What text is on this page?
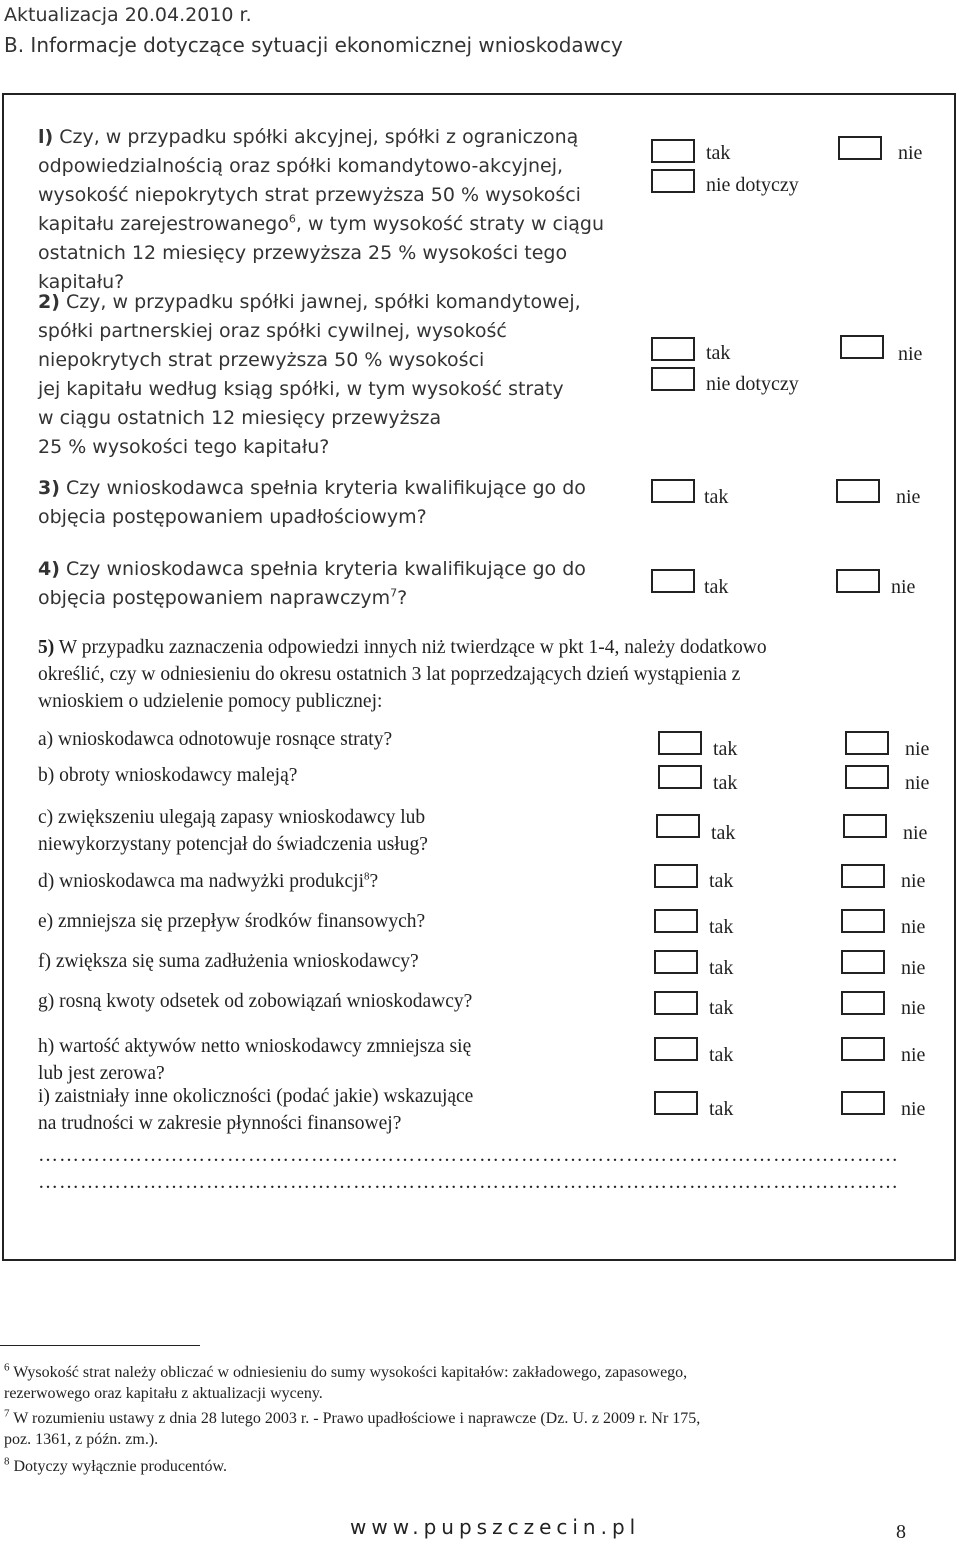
Aktualizacja 20.04.2010 r.
B. Informacje dotyczące sytuacji ekonomicznej wnioskodawcy
l) Czy, w przypadku spółki akcyjnej, spółki z ograniczoną
odpowiedzialnością oraz spółki komandytowo-akcyjnej,
wysokość niepokrytych strat przewyższa 50 % wysokości
kapitału zarejestrowanego$^6$, w tym wysokość straty w ciągu
ostatnich 12 miesięcy przewyższa 25 % wysokości tego kapitału?
tak	nie
nie dotyczy
2) Czy, w przypadku spółki jawnej, spółki komandytowej,
spółki partnerskiej oraz spółki cywilnej, wysokość
niepokrytych strat przewyższa 50 % wysokości
jej kapitału według ksiąg spółki, w tym wysokość straty
w ciągu ostatnich 12 miesięcy przewyższa
25 % wysokości tego kapitału?
tak	nie
nie dotyczy
3) Czy wnioskodawca spełnia kryteria kwalifikujące go do
objęcia postępowaniem upadłościowym?
tak	nie
4) Czy wnioskodawca spełnia kryteria kwalifikujące go do
objęcia postępowaniem naprawczym$^7$?	tak	nie
5) W przypadku zaznaczenia odpowiedzi innych niż twierdzące w pkt 1-4, należy dodatkowo
określić, czy w odniesieniu do okresu ostatnich 3 lat poprzedzających dzień wystąpienia z
wnioskiem o udzielenie pomocy publicznej:
a) wnioskodawca odnotowuje rosnące straty?	tak	nie
b) obroty wnioskodawcy maleją?	tak	nie
c) zwiększeniu ulegają zapasy wnioskodawcy lub
niewykorzystany potencjał do świadczenia usług?
tak	nie
d) wnioskodawca ma nadwyżki produkcji$^8$?	tak	nie
e) zmniejsza się przepływ środków finansowych?	tak	nie
f) zwiększa się suma zadłużenia wnioskodawcy?	tak	nie
g) rosną kwoty odsetek od zobowiązań wnioskodawcy?	tak	nie
h) wartość aktywów netto wnioskodawcy zmniejsza się
lub jest zerowa?
tak	nie
i) zaistniały inne okoliczności (podać jakie) wskazujące
na trudności w zakresie płynności finansowej?
tak	nie
……………………………………………………………………………………………………………
……………………………………………………………………………………………………………
$^6$ Wysokość strat należy obliczać w odniesieniu do sumy wysokości kapitałów: zakładowego, zapasowego,
rezerwowego oraz kapitału z aktualizacji wyceny.
$^7$ W rozumieniu ustawy z dnia 28 lutego 2003 r. - Prawo upadłościowe i naprawcze (Dz. U. z 2009 r. Nr 175,
poz. 1361, z późn. zm.).
$^8$ Dotyczy wyłącznie producentów.
www.pupszczecin.pl	8
